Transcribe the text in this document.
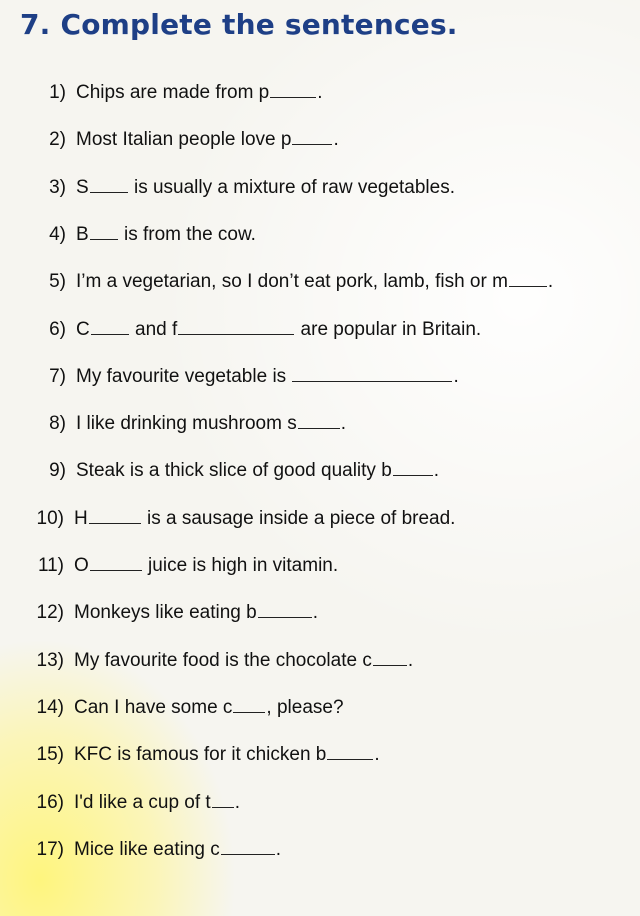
7. Complete the sentences.
1) Chips are made from p	.
2) Most Italian people love p .
3) S is usually a mixture of raw vegetables.
4) B is from the cow.
5) I’m a vegetarian, so I don’t eat pork, lamb, fish or m .
6) C and f	are popular in Britain.
7) My favourite vegetable is	.
8) I like drinking mushroom s .
9) Steak is a thick slice of good quality b .
10) H	is a sausage inside a piece of bread.
11) O	juice is high in vitamin.
12) Monkeys like eating b	.
13) My favourite food is the chocolate c .
14) Can I have some c , please?
15) KFC is famous for it chicken b	.
16) I'd like a cup of t .
17) Mice like eating c	.
